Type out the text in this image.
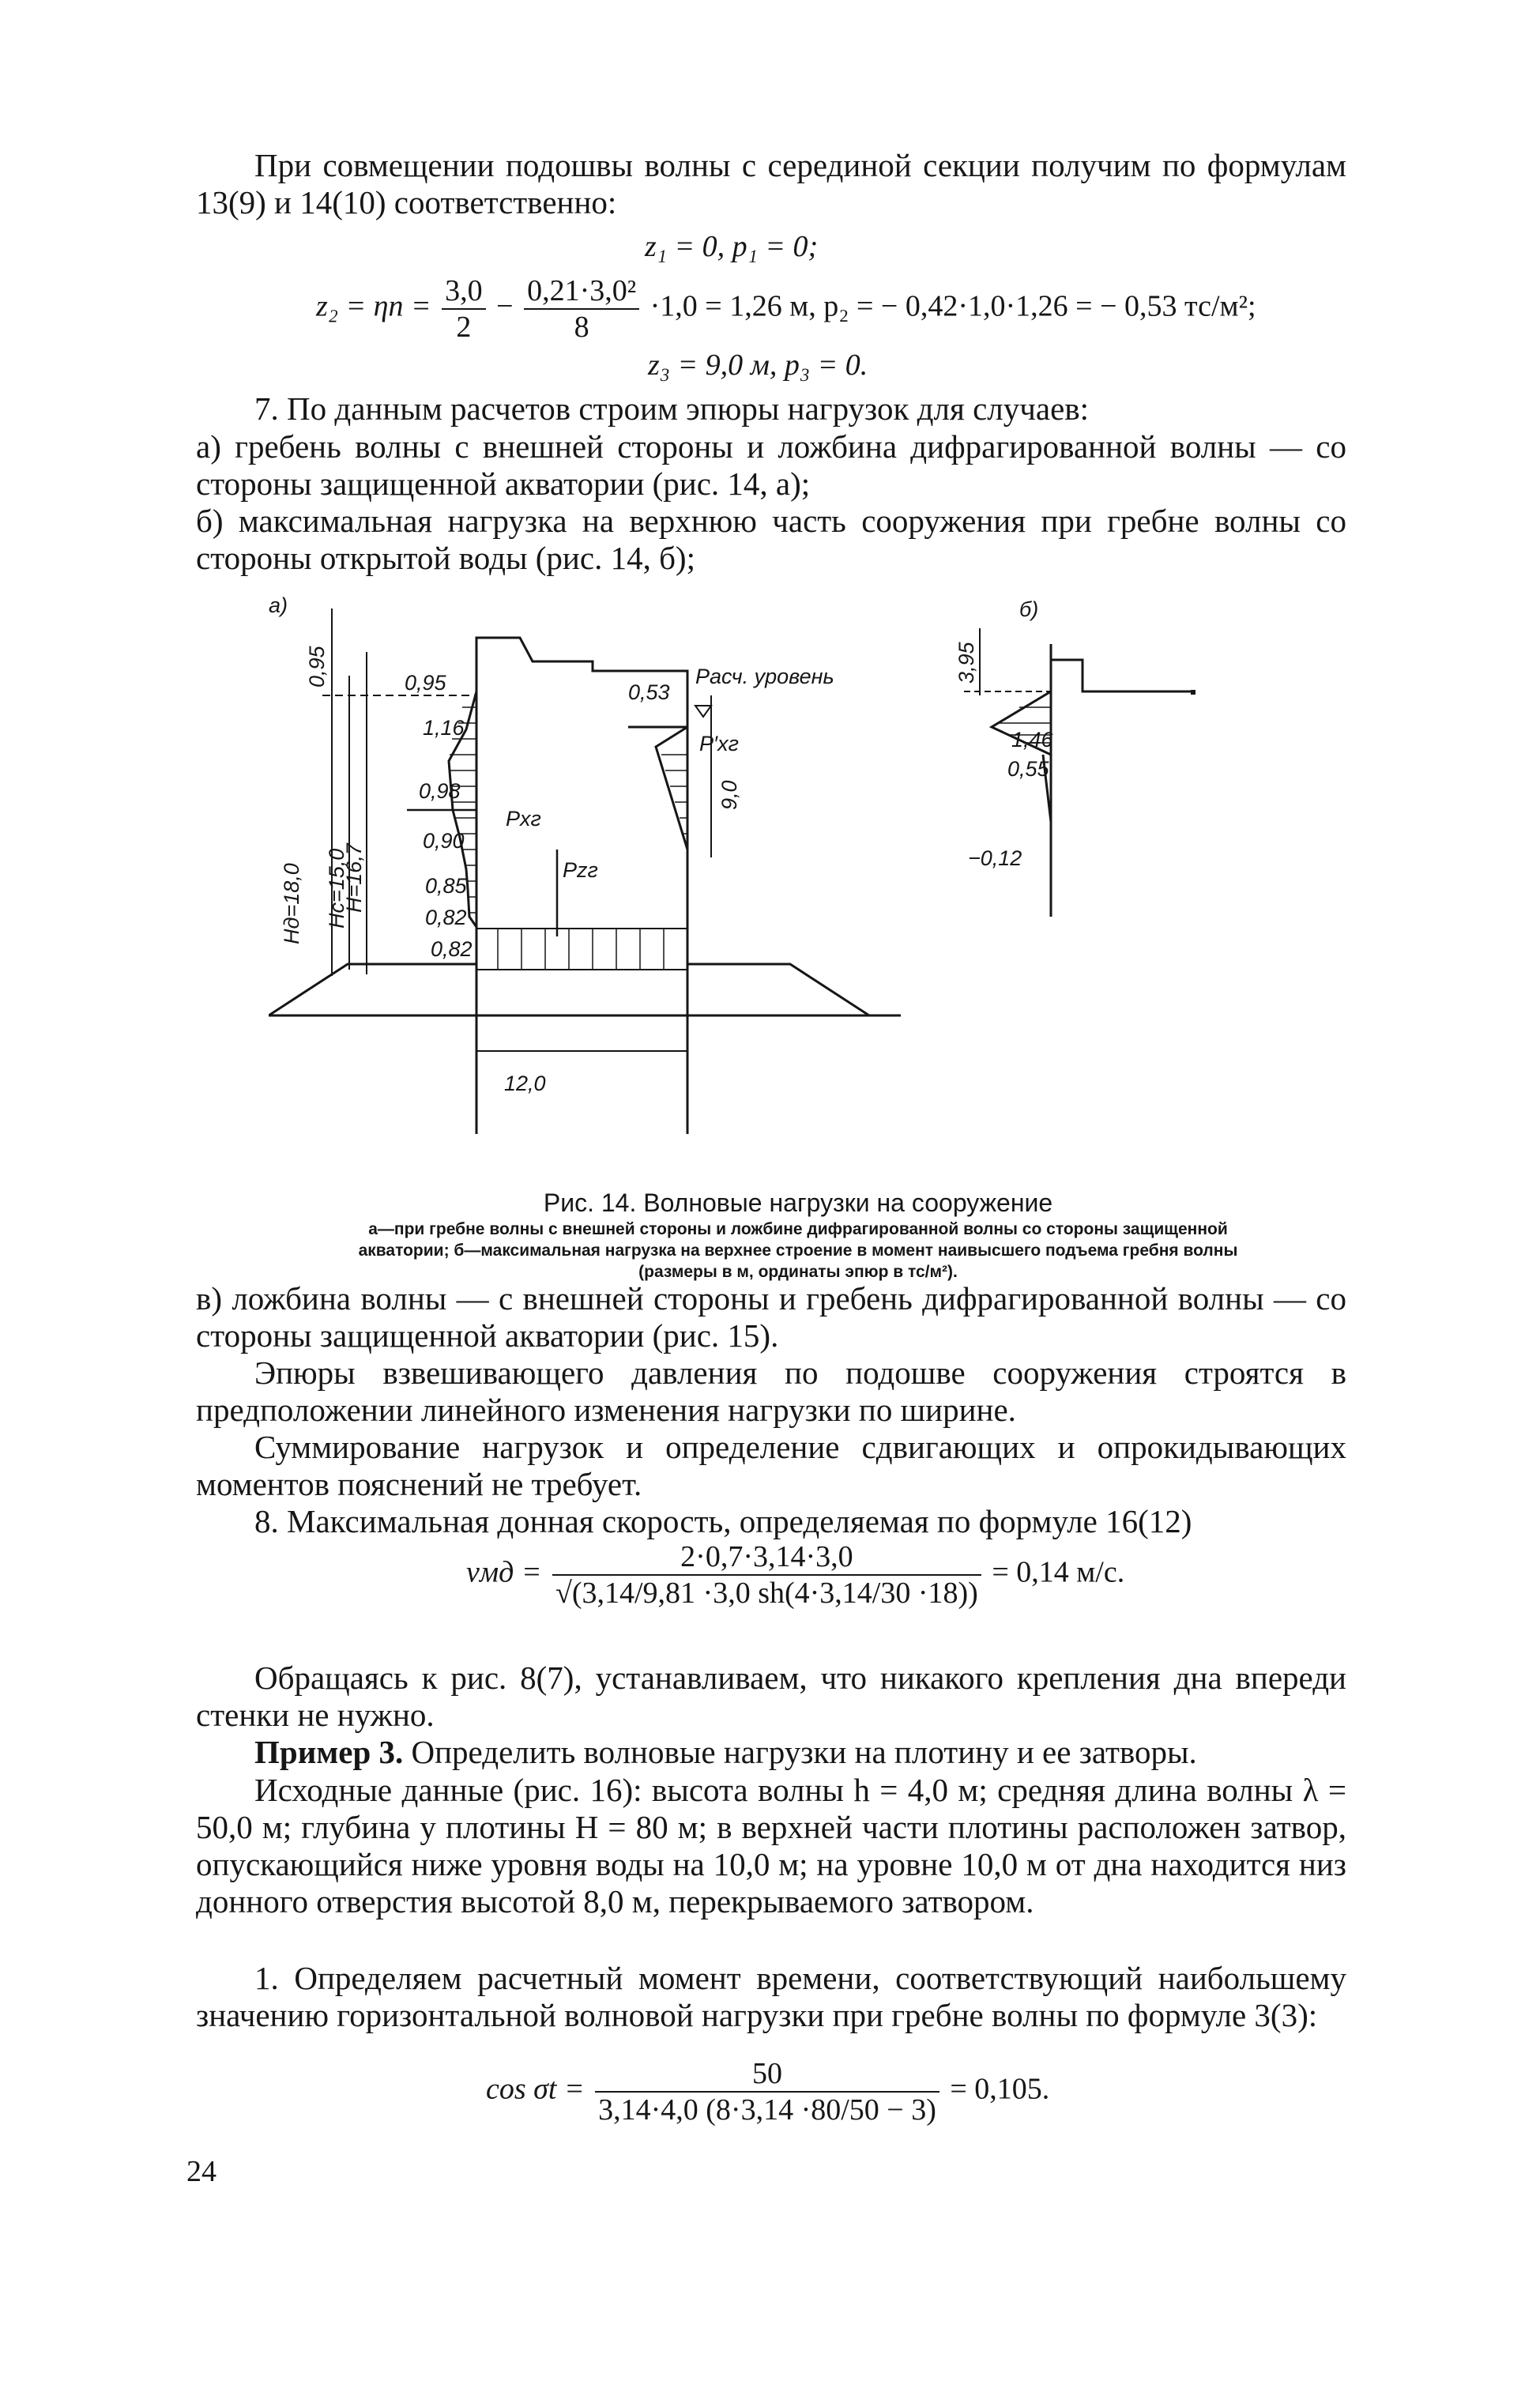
При совмещении подошвы волны с серединой секции получим по формулам 13(9) и 14(10) соответственно:

z₁ = 0, p₁ = 0;
$z_2 = \eta п = \frac{3,0}{2} - \frac{\text{0,21·3,0²}}{8} \cdot 1,0 = 1,26$ м, p₂ = − 0,42·1,0·1,26 = − 0,53 тс/м²;
z₃ = 9,0 м, p₃ = 0.

7. По данным расчетов строим эпюры нагрузок для случаев:

а) гребень волны с внешней стороны и ложбина дифрагированной волны — со стороны защищенной акватории (рис. 14, а);

б) максимальная нагрузка на верхнюю часть сооружения при гребне волны со стороны открытой воды (рис. 14, б);

а)	б)
0,95
1,16
0,98
0,90
0,85
0,82
0,82
Pxг
Pzг
Расч. уровень
0,53
P′xг
12,0
1,46
0,55
−0,12
0,95
Hд=18,0 Hc=15,0
H=16,7
9,0
3,95
Рис. 14. Волновые нагрузки на сооружение
а—при гребне волны с внешней стороны и ложбине дифрагированной волны со стороны защищенной акватории; б—максимальная нагрузка на верхнее строение в момент наивысшего подъема гребня волны (размеры в м, ординаты эпюр в тс/м²).

в) ложбина волны — с внешней стороны и гребень дифрагированной волны — со стороны защищенной акватории (рис. 15).

Эпюры взвешивающего давления по подошве сооружения строятся в предположении линейного изменения нагрузки по ширине.

Суммирование нагрузок и определение сдвигающих и опрокидывающих моментов пояснений не требует.

8. Максимальная донная скорость, определяемая по формуле 16(12)

vмд = $\frac{2\cdot 0,7\cdot 3,14\cdot 3,0}{√(3,14/9,81 \cdot 3,0 sh(4\cdot 3,14/30 \cdot 18))} = 0,14$ м/с.

Обращаясь к рис. 8(7), устанавливаем, что никакого крепления дна впереди стенки не нужно.

Пример 3. Определить волновые нагрузки на плотину и ее затворы.

Исходные данные (рис. 16): высота волны h = 4,0 м; средняя длина волны λ = 50,0 м; глубина у плотины H = 80 м; в верхней части плотины расположен затвор, опускающийся ниже уровня воды на 10,0 м; на уровне 10,0 м от дна находится низ донного отверстия высотой 8,0 м, перекрываемого затвором.

1. Определяем расчетный момент времени, соответствующий наибольшему значению горизонтальной волновой нагрузки при гребне волны по формуле 3(3):

$\cos \sigma t = \frac{50}{3,14\cdot 4,0 (8\cdot 3,14 \cdot 80/50 - 3)} = 0,105$.
24
